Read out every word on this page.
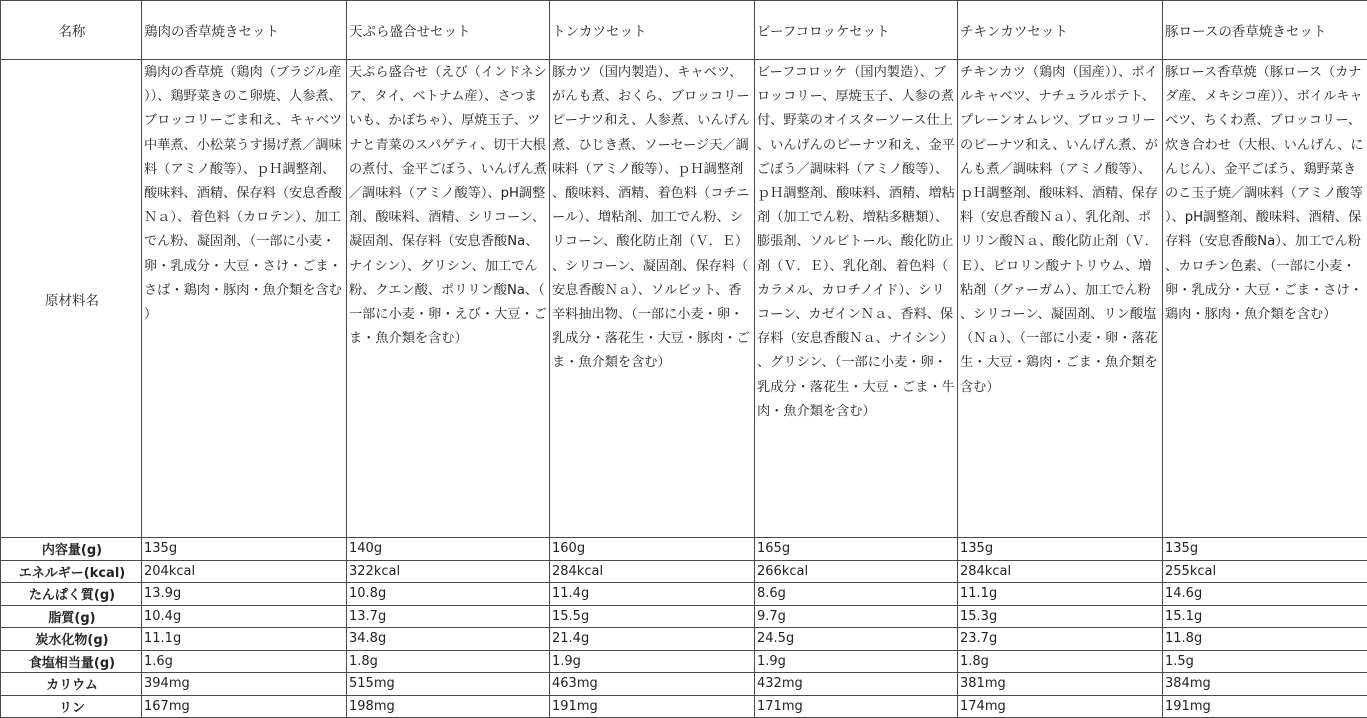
名称	鶏肉の香草焼きセット	天ぷら盛合せセット	トンカツセット	ビーフコロッケセット	チキンカツセット	豚ロースの香草焼きセット
原材料名	鶏肉の香草焼（鶏肉（ブラジル産））、鶏野菜きのこ卵焼、人参煮、ブロッコリーごま和え、キャベツ中華煮、小松菜うす揚げ煮／調味料（アミノ酸等）、ｐＨ調整剤、酸味料、酒精、保存料（安息香酸Ｎａ）、着色料（カロテン）、加工でん粉、凝固剤、（一部に小麦・卵・乳成分・大豆・さけ・ごま・さば・鶏肉・豚肉・魚介類を含む）	天ぷら盛合せ（えび（インドネシア、タイ、ベトナム産）、さつまいも、かぼちゃ）、厚焼玉子、ツナと青菜のスパゲティ、切干大根の煮付、金平ごぼう、いんげん煮／調味料（アミノ酸等）、pH調整剤、酸味料、酒精、シリコーン、凝固剤、保存料（安息香酸Na、ナイシン）、グリシン、加工でん粉、クエン酸、ポリリン酸Na、（一部に小麦・卵・えび・大豆・ごま・魚介類を含む）	豚カツ（国内製造）、キャベツ、がんも煮、おくら、ブロッコリーピーナツ和え、人参煮、いんげん煮、ひじき煮、ソーセージ天／調味料（アミノ酸等）、ｐＨ調整剤、酸味料、酒精、着色料（コチニール）、増粘剤、加工でん粉、シリコーン、酸化防止剤（Ｖ．Ｅ）、シリコーン、凝固剤、保存料（安息香酸Ｎａ）、ソルビット、香辛料抽出物、（一部に小麦・卵・乳成分・落花生・大豆・豚肉・ごま・魚介類を含む）	ビーフコロッケ（国内製造）、ブロッコリー、厚焼玉子、人参の煮付、野菜のオイスターソース仕上、いんげんのピーナツ和え、金平ごぼう／調味料（アミノ酸等）、ｐＨ調整剤、酸味料、酒精、増粘剤（加工でん粉、増粘多糖類）、膨張剤、ソルビトール、酸化防止剤（Ｖ．Ｅ）、乳化剤、着色料（カラメル、カロチノイド）、シリコーン、カゼインＮａ、香料、保存料（安息香酸Ｎａ、ナイシン）、グリシン、（一部に小麦・卵・乳成分・落花生・大豆・ごま・牛肉・魚介類を含む）	チキンカツ（鶏肉（国産））、ボイルキャベツ、ナチュラルポテト、プレーンオムレツ、ブロッコリーのピーナツ和え、いんげん煮、がんも煮／調味料（アミノ酸等）、ｐＨ調整剤、酸味料、酒精、保存料（安息香酸Ｎａ）、乳化剤、ポリリン酸Ｎａ、酸化防止剤（Ｖ．Ｅ）、ピロリン酸ナトリウム、増粘剤（グァーガム）、加工でん粉、シリコーン、凝固剤、リン酸塩（Ｎａ）、（一部に小麦・卵・落花生・大豆・鶏肉・ごま・魚介類を含む）	豚ロース香草焼（豚ロース（カナダ産、メキシコ産））、ボイルキャベツ、ちくわ煮、ブロッコリー、炊き合わせ（大根、いんげん、にんじん）、金平ごぼう、鶏野菜きのこ玉子焼／調味料（アミノ酸等）、pH調整剤、酸味料、酒精、保存料（安息香酸Na）、加工でん粉、カロチン色素、（一部に小麦・卵・乳成分・大豆・ごま・さけ・鶏肉・豚肉・魚介類を含む）
内容量(g)	135g	140g	160g	165g	135g	135g
エネルギー(kcal)	204kcal	322kcal	284kcal	266kcal	284kcal	255kcal
たんぱく質(g)	13.9g	10.8g	11.4g	8.6g	11.1g	14.6g
脂質(g)	10.4g	13.7g	15.5g	9.7g	15.3g	15.1g
炭水化物(g)	11.1g	34.8g	21.4g	24.5g	23.7g	11.8g
食塩相当量(g)	1.6g	1.8g	1.9g	1.9g	1.8g	1.5g
カリウム	394mg	515mg	463mg	432mg	381mg	384mg
リン	167mg	198mg	191mg	171mg	174mg	191mg
